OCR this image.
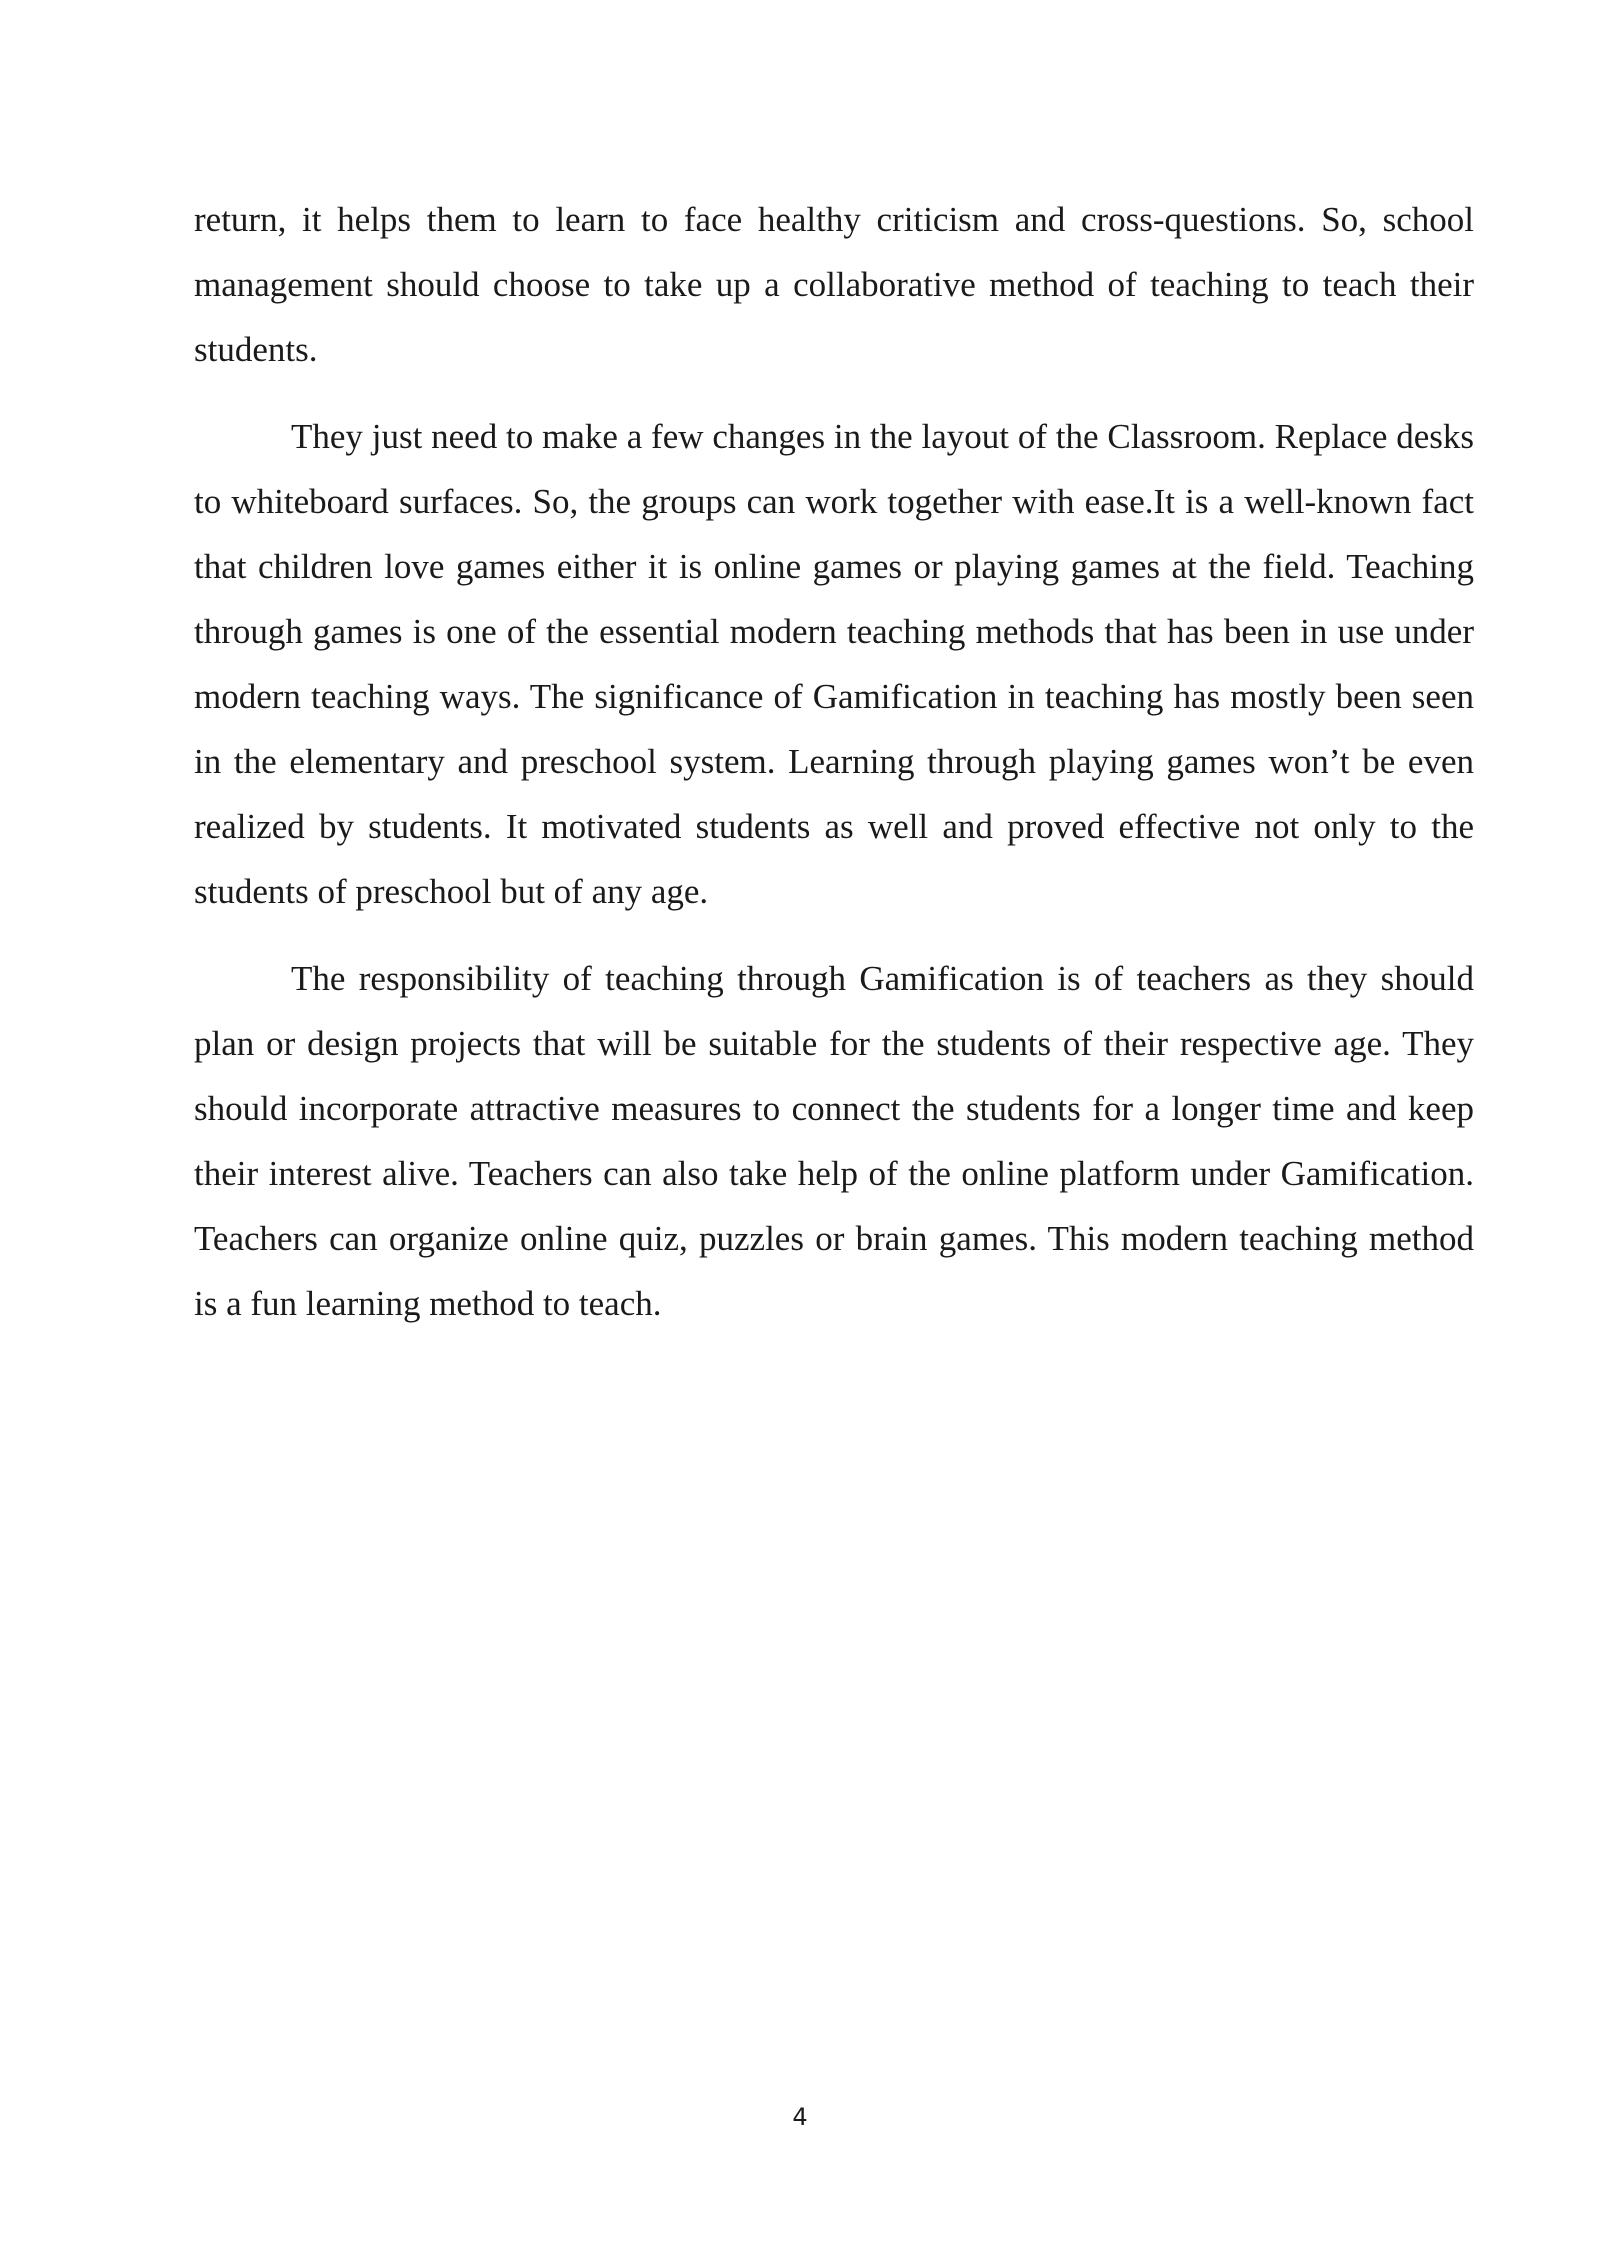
return, it helps them to learn to face healthy criticism and cross-questions. So, school management should choose to take up a collaborative method of teaching to teach their students.

They just need to make a few changes in the layout of the Classroom. Replace desks to whiteboard surfaces. So, the groups can work together with ease.It is a well-known fact that children love games either it is online games or playing games at the field. Teaching through games is one of the essential modern teaching methods that has been in use under modern teaching ways. The significance of Gamification in teaching has mostly been seen in the elementary and preschool system. Learning through playing games won’t be even realized by students. It motivated students as well and proved effective not only to the students of preschool but of any age.

The responsibility of teaching through Gamification is of teachers as they should plan or design projects that will be suitable for the students of their respective age. They should incorporate attractive measures to connect the students for a longer time and keep their interest alive. Teachers can also take help of the online platform under Gamification. Teachers can organize online quiz, puzzles or brain games. This modern teaching method is a fun learning method to teach.

4
